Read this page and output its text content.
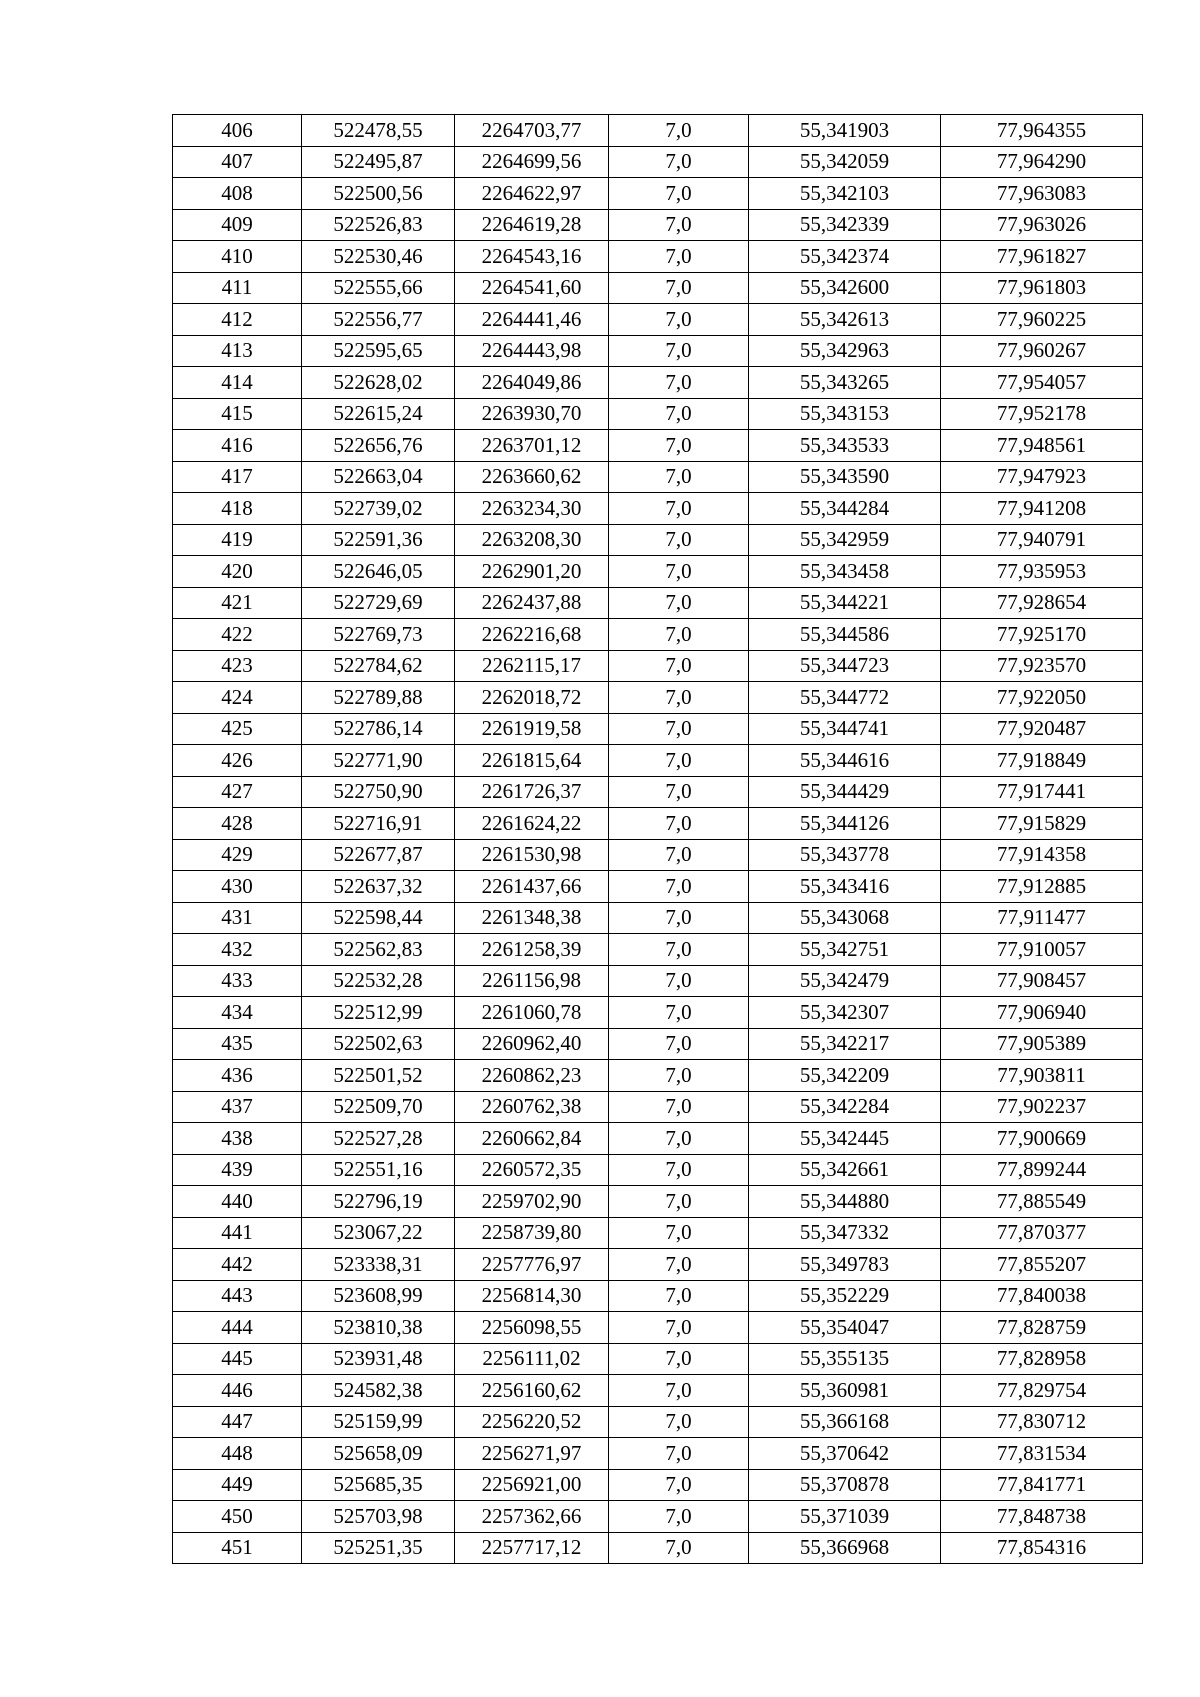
406	522478,55	2264703,77	7,0	55,341903	77,964355
407	522495,87	2264699,56	7,0	55,342059	77,964290
408	522500,56	2264622,97	7,0	55,342103	77,963083
409	522526,83	2264619,28	7,0	55,342339	77,963026
410	522530,46	2264543,16	7,0	55,342374	77,961827
411	522555,66	2264541,60	7,0	55,342600	77,961803
412	522556,77	2264441,46	7,0	55,342613	77,960225
413	522595,65	2264443,98	7,0	55,342963	77,960267
414	522628,02	2264049,86	7,0	55,343265	77,954057
415	522615,24	2263930,70	7,0	55,343153	77,952178
416	522656,76	2263701,12	7,0	55,343533	77,948561
417	522663,04	2263660,62	7,0	55,343590	77,947923
418	522739,02	2263234,30	7,0	55,344284	77,941208
419	522591,36	2263208,30	7,0	55,342959	77,940791
420	522646,05	2262901,20	7,0	55,343458	77,935953
421	522729,69	2262437,88	7,0	55,344221	77,928654
422	522769,73	2262216,68	7,0	55,344586	77,925170
423	522784,62	2262115,17	7,0	55,344723	77,923570
424	522789,88	2262018,72	7,0	55,344772	77,922050
425	522786,14	2261919,58	7,0	55,344741	77,920487
426	522771,90	2261815,64	7,0	55,344616	77,918849
427	522750,90	2261726,37	7,0	55,344429	77,917441
428	522716,91	2261624,22	7,0	55,344126	77,915829
429	522677,87	2261530,98	7,0	55,343778	77,914358
430	522637,32	2261437,66	7,0	55,343416	77,912885
431	522598,44	2261348,38	7,0	55,343068	77,911477
432	522562,83	2261258,39	7,0	55,342751	77,910057
433	522532,28	2261156,98	7,0	55,342479	77,908457
434	522512,99	2261060,78	7,0	55,342307	77,906940
435	522502,63	2260962,40	7,0	55,342217	77,905389
436	522501,52	2260862,23	7,0	55,342209	77,903811
437	522509,70	2260762,38	7,0	55,342284	77,902237
438	522527,28	2260662,84	7,0	55,342445	77,900669
439	522551,16	2260572,35	7,0	55,342661	77,899244
440	522796,19	2259702,90	7,0	55,344880	77,885549
441	523067,22	2258739,80	7,0	55,347332	77,870377
442	523338,31	2257776,97	7,0	55,349783	77,855207
443	523608,99	2256814,30	7,0	55,352229	77,840038
444	523810,38	2256098,55	7,0	55,354047	77,828759
445	523931,48	2256111,02	7,0	55,355135	77,828958
446	524582,38	2256160,62	7,0	55,360981	77,829754
447	525159,99	2256220,52	7,0	55,366168	77,830712
448	525658,09	2256271,97	7,0	55,370642	77,831534
449	525685,35	2256921,00	7,0	55,370878	77,841771
450	525703,98	2257362,66	7,0	55,371039	77,848738
451	525251,35	2257717,12	7,0	55,366968	77,854316
